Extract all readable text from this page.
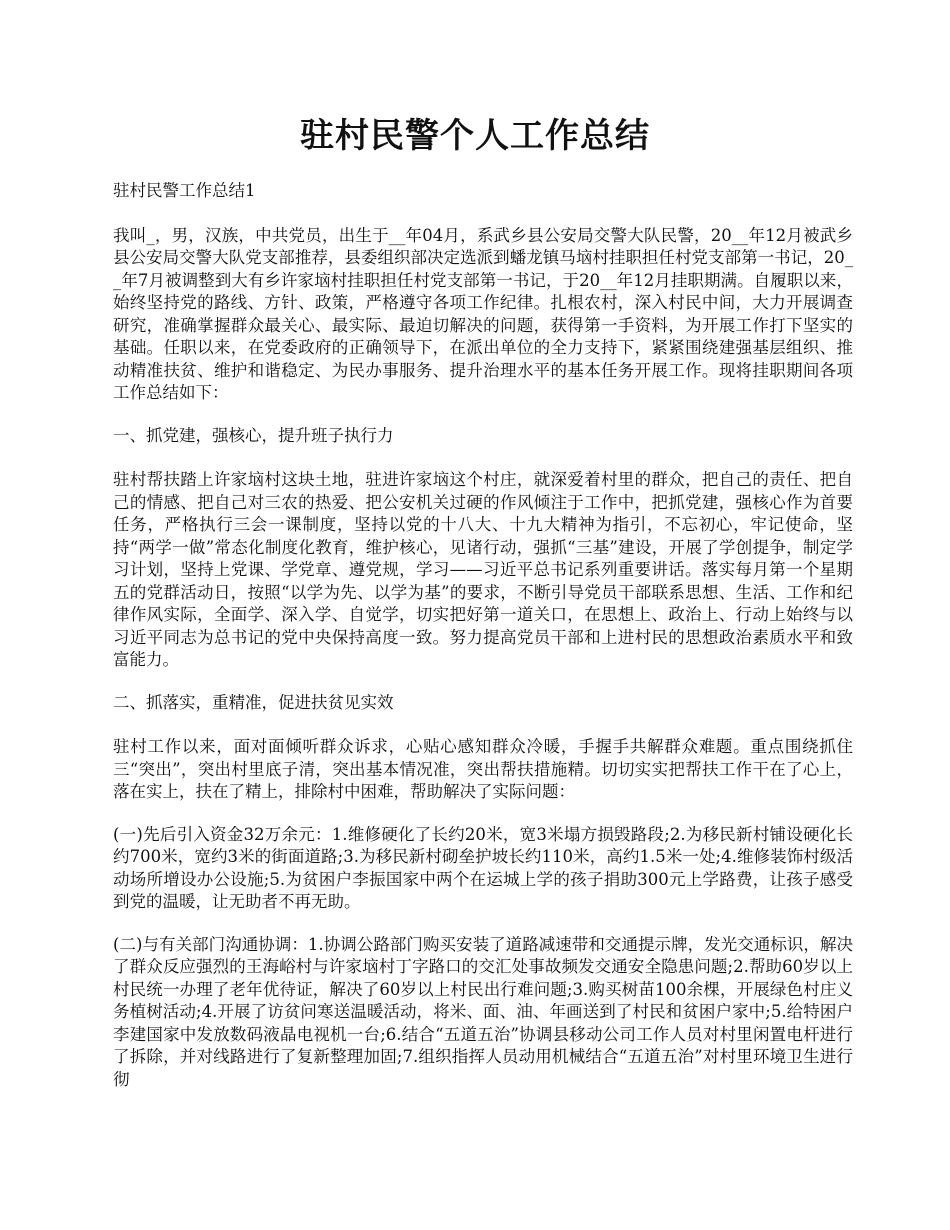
驻村民警个人工作总结

驻村民警工作总结1

我叫_，男，汉族，中共党员，出生于__年04月，系武乡县公安局交警大队民警，20__年12月被武乡县公安局交警大队党支部推荐，县委组织部决定选派到蟠龙镇马垴村挂职担任村党支部第一书记，20__年7月被调整到大有乡许家垴村挂职担任村党支部第一书记，于20__年12月挂职期满。自履职以来，始终坚持党的路线、方针、政策，严格遵守各项工作纪律。扎根农村，深入村民中间，大力开展调查研究，准确掌握群众最关心、最实际、最迫切解决的问题，获得第一手资料，为开展工作打下坚实的基础。任职以来，在党委政府的正确领导下，在派出单位的全力支持下，紧紧围绕建强基层组织、推动精准扶贫、维护和谐稳定、为民办事服务、提升治理水平的基本任务开展工作。现将挂职期间各项工作总结如下：

一、抓党建，强核心，提升班子执行力

驻村帮扶踏上许家垴村这块土地，驻进许家垴这个村庄，就深爱着村里的群众，把自己的责任、把自己的情感、把自己对三农的热爱、把公安机关过硬的作风倾注于工作中，把抓党建，强核心作为首要任务，严格执行三会一课制度，坚持以党的十八大、十九大精神为指引，不忘初心，牢记使命，坚持“两学一做”常态化制度化教育，维护核心，见诸行动，强抓“三基”建设，开展了学创提争，制定学习计划，坚持上党课、学党章、遵党规，学习——习近平总书记系列重要讲话。落实每月第一个星期五的党群活动日，按照“以学为先、以学为基”的要求，不断引导党员干部联系思想、生活、工作和纪律作风实际，全面学、深入学、自觉学，切实把好第一道关口，在思想上、政治上、行动上始终与以习近平同志为总书记的党中央保持高度一致。努力提高党员干部和上进村民的思想政治素质水平和致富能力。

二、抓落实，重精准，促进扶贫见实效

驻村工作以来，面对面倾听群众诉求，心贴心感知群众冷暖，手握手共解群众难题。重点围绕抓住三“突出”，突出村里底子清，突出基本情况准，突出帮扶措施精。切切实实把帮扶工作干在了心上，落在实上，扶在了精上，排除村中困难，帮助解决了实际问题：

(一)先后引入资金32万余元：1.维修硬化了长约20米，宽3米塌方损毁路段;2.为移民新村铺设硬化长约700米，宽约3米的街面道路;3.为移民新村砌垒护坡长约110米，高约1.5米一处;4.维修装饰村级活动场所增设办公设施;5.为贫困户李振国家中两个在运城上学的孩子捐助300元上学路费，让孩子感受到党的温暖，让无助者不再无助。

(二)与有关部门沟通协调：1.协调公路部门购买安装了道路减速带和交通提示牌，发光交通标识，解决了群众反应强烈的王海峪村与许家垴村丁字路口的交汇处事故频发交通安全隐患问题;2.帮助60岁以上村民统一办理了老年优待证，解决了60岁以上村民出行难问题;3.购买树苗100余棵，开展绿色村庄义务植树活动;4.开展了访贫问寒送温暖活动，将米、面、油、年画送到了村民和贫困户家中;5.给特困户李建国家中发放数码液晶电视机一台;6.结合“五道五治”协调县移动公司工作人员对村里闲置电杆进行了拆除，并对线路进行了复新整理加固;7.组织指挥人员动用机械结合“五道五治”对村里环境卫生进行彻
